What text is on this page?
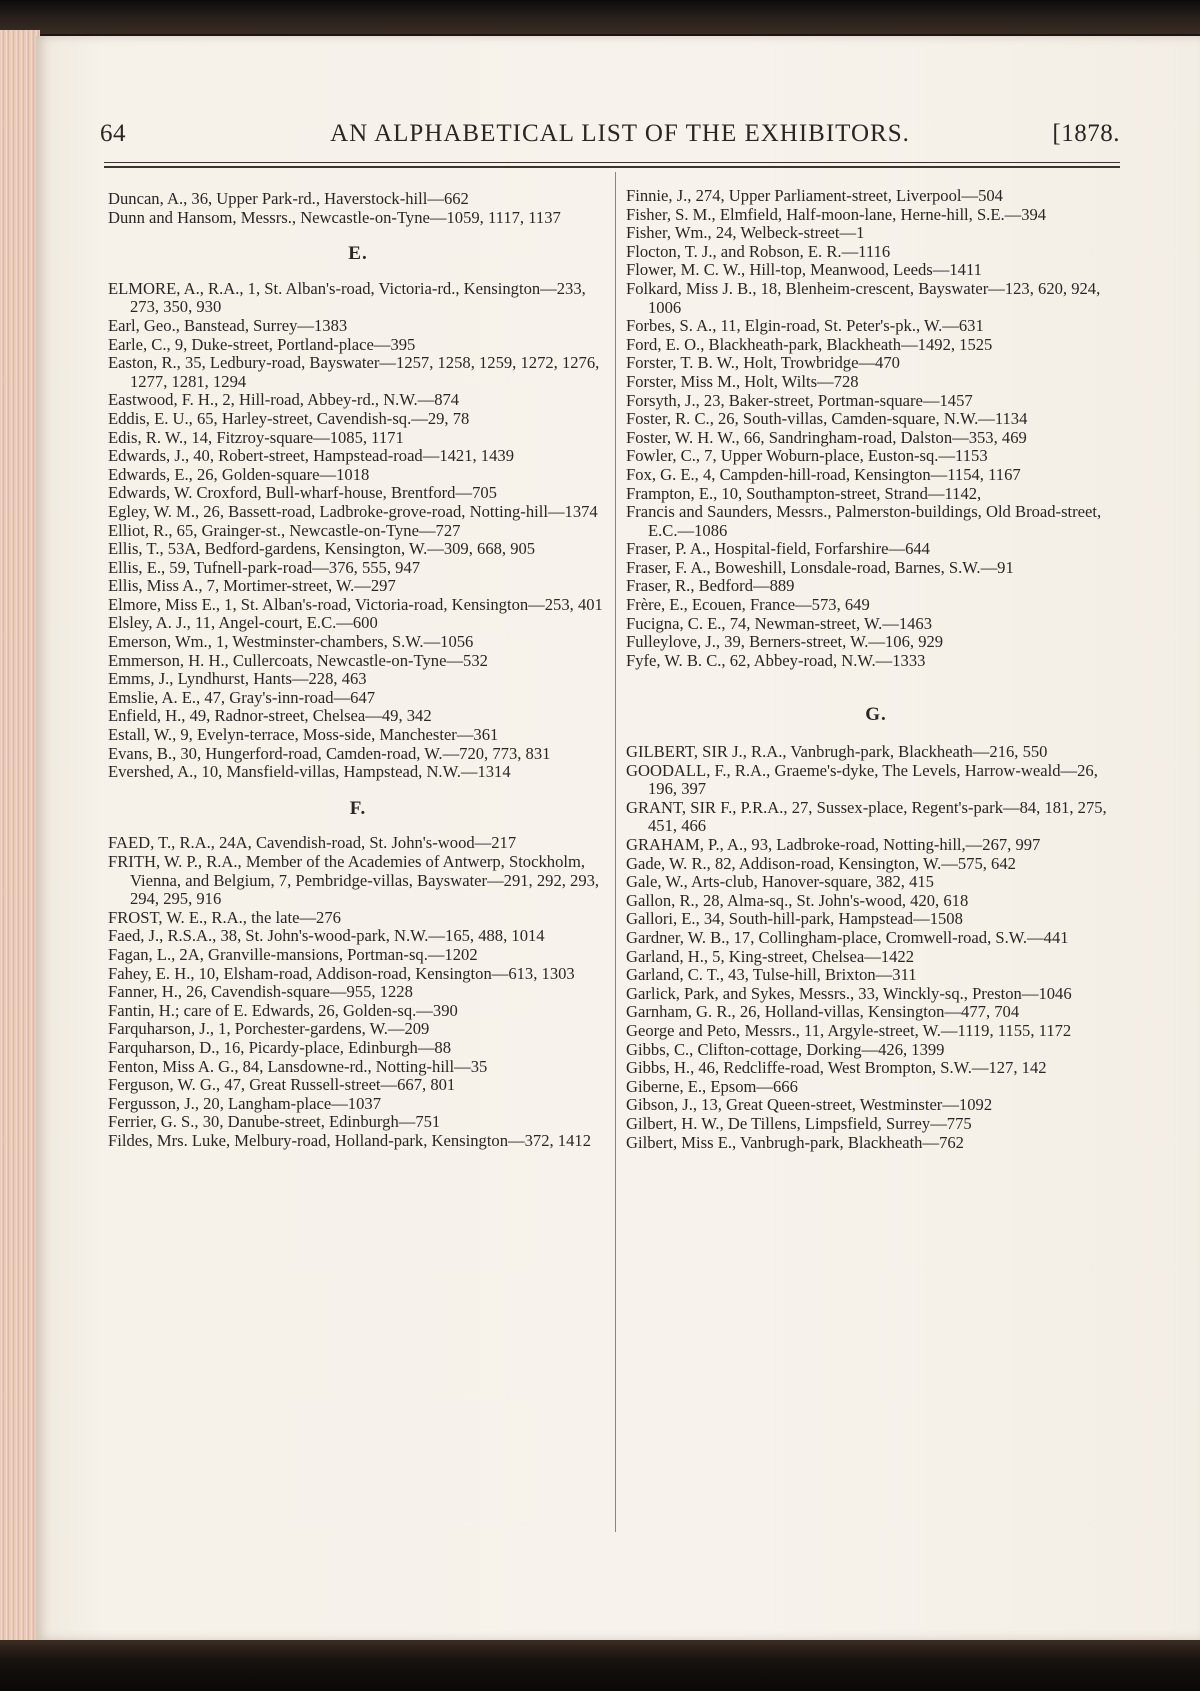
64	AN ALPHABETICAL LIST OF THE EXHIBITORS.	[1878.

Duncan, A., 36, Upper Park-rd., Haverstock-hill—662

Dunn and Hansom, Messrs., Newcastle-on-Tyne—1059, 1117, 1137

E.

ELMORE, A., R.A., 1, St. Alban's-road, Victoria-rd., Kensington—233, 273, 350, 930

Earl, Geo., Banstead, Surrey—1383

Earle, C., 9, Duke-street, Portland-place—395

Easton, R., 35, Ledbury-road, Bayswater—1257, 1258, 1259, 1272, 1276, 1277, 1281, 1294

Eastwood, F. H., 2, Hill-road, Abbey-rd., N.W.—874

Eddis, E. U., 65, Harley-street, Cavendish-sq.—29, 78

Edis, R. W., 14, Fitzroy-square—1085, 1171

Edwards, J., 40, Robert-street, Hampstead-road—1421, 1439

Edwards, E., 26, Golden-square—1018

Edwards, W. Croxford, Bull-wharf-house, Brentford—705

Egley, W. M., 26, Bassett-road, Ladbroke-grove-road, Notting-hill—1374

Elliot, R., 65, Grainger-st., Newcastle-on-Tyne—727

Ellis, T., 53A, Bedford-gardens, Kensington, W.—309, 668, 905

Ellis, E., 59, Tufnell-park-road—376, 555, 947

Ellis, Miss A., 7, Mortimer-street, W.—297

Elmore, Miss E., 1, St. Alban's-road, Victoria-road, Kensington—253, 401

Elsley, A. J., 11, Angel-court, E.C.—600

Emerson, Wm., 1, Westminster-chambers, S.W.—1056

Emmerson, H. H., Cullercoats, Newcastle-on-Tyne—532

Emms, J., Lyndhurst, Hants—228, 463

Emslie, A. E., 47, Gray's-inn-road—647

Enfield, H., 49, Radnor-street, Chelsea—49, 342

Estall, W., 9, Evelyn-terrace, Moss-side, Manchester—361

Evans, B., 30, Hungerford-road, Camden-road, W.—720, 773, 831

Evershed, A., 10, Mansfield-villas, Hampstead, N.W.—1314

F.

FAED, T., R.A., 24A, Cavendish-road, St. John's-wood—217

FRITH, W. P., R.A., Member of the Academies of Antwerp, Stockholm, Vienna, and Belgium, 7, Pembridge-villas, Bayswater—291, 292, 293, 294, 295, 916

FROST, W. E., R.A., the late—276

Faed, J., R.S.A., 38, St. John's-wood-park, N.W.—165, 488, 1014

Fagan, L., 2A, Granville-mansions, Portman-sq.—1202

Fahey, E. H., 10, Elsham-road, Addison-road, Kensington—613, 1303

Fanner, H., 26, Cavendish-square—955, 1228

Fantin, H.; care of E. Edwards, 26, Golden-sq.—390

Farquharson, J., 1, Porchester-gardens, W.—209

Farquharson, D., 16, Picardy-place, Edinburgh—88

Fenton, Miss A. G., 84, Lansdowne-rd., Notting-hill—35

Ferguson, W. G., 47, Great Russell-street—667, 801

Fergusson, J., 20, Langham-place—1037

Ferrier, G. S., 30, Danube-street, Edinburgh—751

Fildes, Mrs. Luke, Melbury-road, Holland-park, Kensington—372, 1412

Finnie, J., 274, Upper Parliament-street, Liverpool—504

Fisher, S. M., Elmfield, Half-moon-lane, Herne-hill, S.E.—394

Fisher, Wm., 24, Welbeck-street—1

Flocton, T. J., and Robson, E. R.—1116

Flower, M. C. W., Hill-top, Meanwood, Leeds—1411

Folkard, Miss J. B., 18, Blenheim-crescent, Bayswater—123, 620, 924, 1006

Forbes, S. A., 11, Elgin-road, St. Peter's-pk., W.—631

Ford, E. O., Blackheath-park, Blackheath—1492, 1525

Forster, T. B. W., Holt, Trowbridge—470

Forster, Miss M., Holt, Wilts—728

Forsyth, J., 23, Baker-street, Portman-square—1457

Foster, R. C., 26, South-villas, Camden-square, N.W.—1134

Foster, W. H. W., 66, Sandringham-road, Dalston—353, 469

Fowler, C., 7, Upper Woburn-place, Euston-sq.—1153

Fox, G. E., 4, Campden-hill-road, Kensington—1154, 1167

Frampton, E., 10, Southampton-street, Strand—1142,

Francis and Saunders, Messrs., Palmerston-buildings, Old Broad-street, E.C.—1086

Fraser, P. A., Hospital-field, Forfarshire—644

Fraser, F. A., Boweshill, Lonsdale-road, Barnes, S.W.—91

Fraser, R., Bedford—889

Frère, E., Ecouen, France—573, 649

Fucigna, C. E., 74, Newman-street, W.—1463

Fulleylove, J., 39, Berners-street, W.—106, 929

Fyfe, W. B. C., 62, Abbey-road, N.W.—1333

G.

GILBERT, SIR J., R.A., Vanbrugh-park, Blackheath—216, 550

GOODALL, F., R.A., Graeme's-dyke, The Levels, Harrow-weald—26, 196, 397

GRANT, SIR F., P.R.A., 27, Sussex-place, Regent's-park—84, 181, 275, 451, 466

GRAHAM, P., A., 93, Ladbroke-road, Notting-hill,—267, 997

Gade, W. R., 82, Addison-road, Kensington, W.—575, 642

Gale, W., Arts-club, Hanover-square, 382, 415

Gallon, R., 28, Alma-sq., St. John's-wood, 420, 618

Gallori, E., 34, South-hill-park, Hampstead—1508

Gardner, W. B., 17, Collingham-place, Cromwell-road, S.W.—441

Garland, H., 5, King-street, Chelsea—1422

Garland, C. T., 43, Tulse-hill, Brixton—311

Garlick, Park, and Sykes, Messrs., 33, Winckly-sq., Preston—1046

Garnham, G. R., 26, Holland-villas, Kensington—477, 704

George and Peto, Messrs., 11, Argyle-street, W.—1119, 1155, 1172

Gibbs, C., Clifton-cottage, Dorking—426, 1399

Gibbs, H., 46, Redcliffe-road, West Brompton, S.W.—127, 142

Giberne, E., Epsom—666

Gibson, J., 13, Great Queen-street, Westminster—1092

Gilbert, H. W., De Tillens, Limpsfield, Surrey—775

Gilbert, Miss E., Vanbrugh-park, Blackheath—762
